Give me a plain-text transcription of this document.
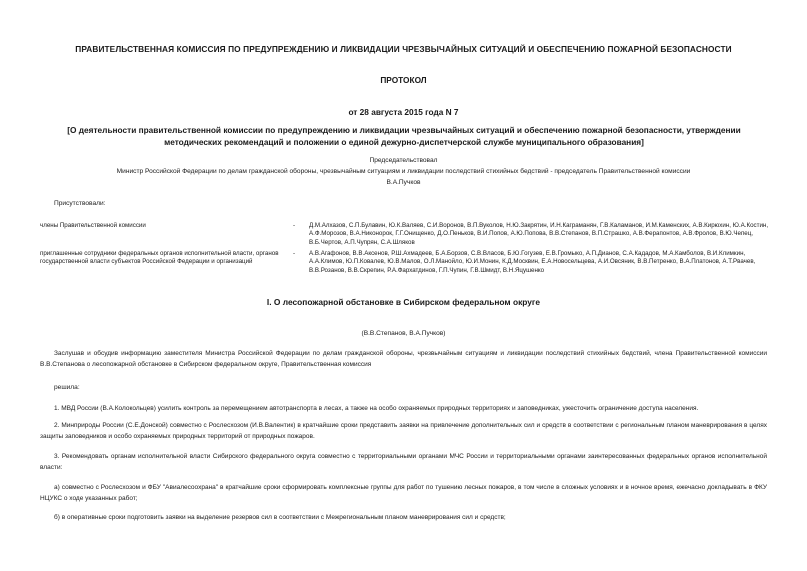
ПРАВИТЕЛЬСТВЕННАЯ КОМИССИЯ ПО ПРЕДУПРЕЖДЕНИЮ И ЛИКВИДАЦИИ ЧРЕЗВЫЧАЙНЫХ СИТУАЦИЙ И ОБЕСПЕЧЕНИЮ ПОЖАРНОЙ БЕЗОПАСНОСТИ
ПРОТОКОЛ
от 28 августа 2015 года N 7
[О деятельности правительственной комиссии по предупреждению и ликвидации чрезвычайных ситуаций и обеспечению пожарной безопасности, утверждении методических рекомендаций и положении о единой дежурно-диспетчерской службе муниципального образования]
Председательствовал
Министр Российской Федерации по делам гражданской обороны, чрезвычайным ситуациям и ликвидации последствий стихийных бедствий - председатель Правительственной комиссии
В.А.Пучков
Присутствовали:
члены Правительственной комиссии	- Д.М.Алхазов, С.П.Булавин, Ю.К.Валяев, С.И.Воронов, В.П.Вуколов, Н.Ю.Закрятин, И.Н.Каграманян, Г.В.Каламанов, И.М.Каменских, А.В.Кирюхин, Ю.А.Костин, А.Ф.Морозов, В.А.Никонорок, Г.Г.Онищенко, Д.О.Пеньков, В.И.Попов, А.Ю.Попова, В.В.Степанов, В.П.Страшко, А.В.Ферапонтов, А.В.Фролов, В.Ю.Чепец, В.Б.Чертов, А.П.Чупрян, С.А.Шляков
приглашенные сотрудники федеральных органов исполнительной власти, органов государственной власти субъектов Российской Федерации и организаций
- А.В.Агафонов, В.В.Аксенов, Р.Ш.Ахмадеев, Б.А.Борзов, С.В.Власов, Б.Ю.Гогузев, Е.В.Громыко, А.П.Дианов, С.А.Кададов, М.А.Камболов, В.И.Климкин, А.А.Климов, Ю.П.Ковалев, Ю.В.Малов, О.Л.Манойло, Ю.И.Монин, К.Д.Москвин, Е.А.Новосельцева, А.И.Овсяник, В.В.Петренко, В.А.Платонов, А.Т.Рвачев, В.В.Розанов, В.В.Скрепин, Р.А.Фархатдинов, Г.П.Чупин, Г.В.Шмидт, В.Н.Яцушенко
I. О лесопожарной обстановке в Сибирском федеральном округе
(В.В.Степанов, В.А.Пучков)
Заслушав и обсудив информацию заместителя Министра Российской Федерации по делам гражданской обороны, чрезвычайным ситуациям и ликвидации последствий стихийных бедствий, члена Правительственной комиссии В.В.Степанова о лесопожарной обстановке в Сибирском федеральном округе, Правительственная комиссия
решила:
1. МВД России (В.А.Колокольцев) усилить контроль за перемещением автотранспорта в лесах, а также на особо охраняемых природных территориях и заповедниках, ужесточить ограничение доступа населения.
2. Минприроды России (С.Е.Донской) совместно с Рослесхозом (И.В.Валентик) в кратчайшие сроки представить заявки на привлечение дополнительных сил и средств в соответствии с региональным планом маневрирования в целях защиты заповедников и особо охраняемых природных территорий от природных пожаров.
3. Рекомендовать органам исполнительной власти Сибирского федерального округа совместно с территориальными органами МЧС России и территориальными органами заинтересованных федеральных органов исполнительной власти:
а) совместно с Рослесхозом и ФБУ "Авиалесоохрана" в кратчайшие сроки сформировать комплексные группы для работ по тушению лесных пожаров, в том числе в сложных условиях и в ночное время, ежечасно докладывать в ФКУ НЦУКС о ходе указанных работ;
б) в оперативные сроки подготовить заявки на выделение резервов сил в соответствии с Межрегиональным планом маневрирования сил и средств;
